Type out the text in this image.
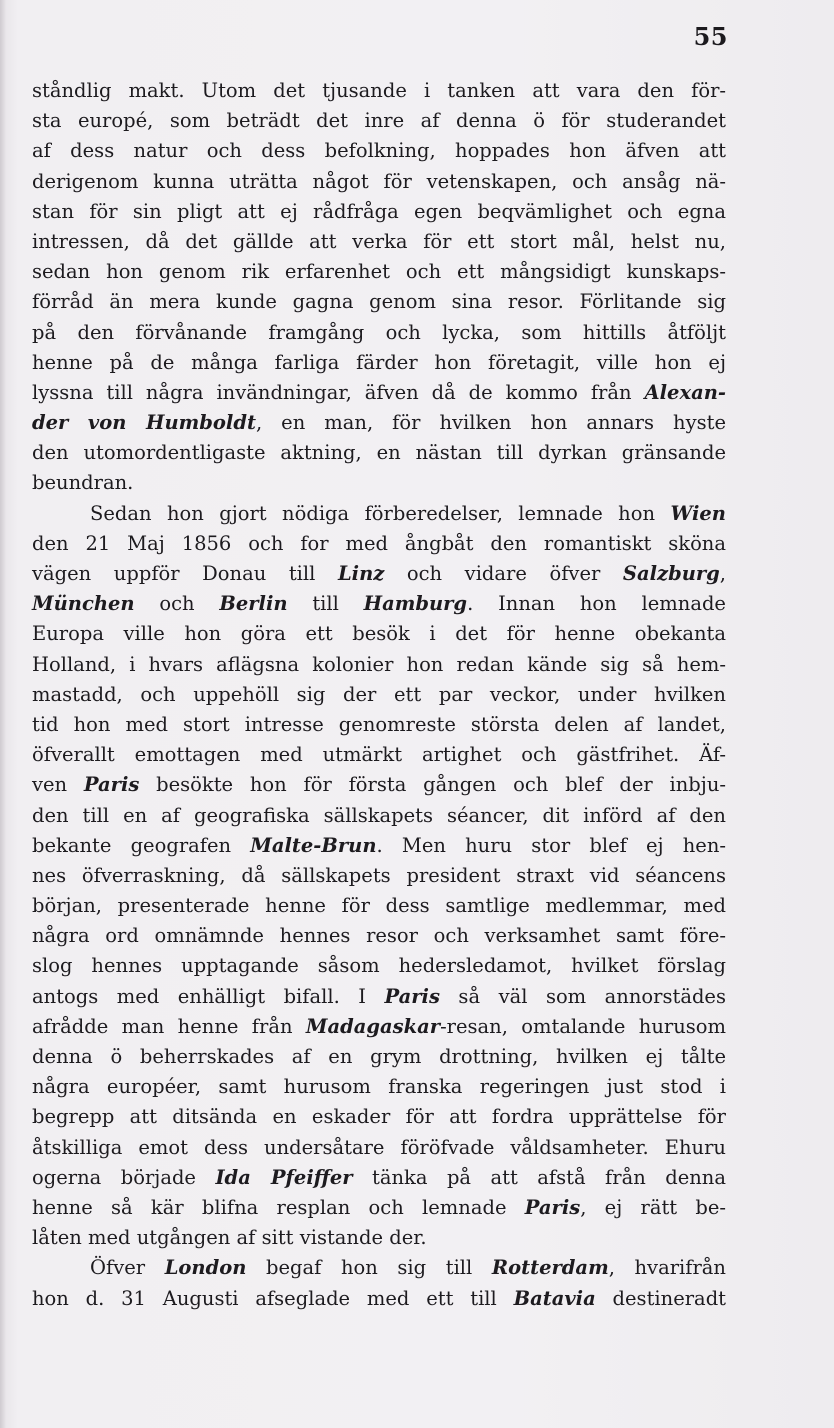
55
ståndlig makt. Utom det tjusande i tanken att vara den för-
sta europé, som beträdt det inre af denna ö för studerandet
af dess natur och dess befolkning, hoppades hon äfven att
derigenom kunna uträtta något för vetenskapen, och ansåg nä-
stan för sin pligt att ej rådfråga egen beqvämlighet och egna
intressen, då det gällde att verka för ett stort mål, helst nu,
sedan hon genom rik erfarenhet och ett mångsidigt kunskaps-
förråd än mera kunde gagna genom sina resor. Förlitande sig
på den förvånande framgång och lycka, som hittills åtföljt
henne på de många farliga färder hon företagit, ville hon ej
lyssna till några invändningar, äfven då de kommo från Alexan-
der von Humboldt, en man, för hvilken hon annars hyste
den utomordentligaste aktning, en nästan till dyrkan gränsande
beundran.
Sedan hon gjort nödiga förberedelser, lemnade hon Wien
den 21 Maj 1856 och for med ångbåt den romantiskt sköna
vägen uppför Donau till Linz och vidare öfver Salzburg,
München och Berlin till Hamburg. Innan hon lemnade
Europa ville hon göra ett besök i det för henne obekanta
Holland, i hvars aflägsna kolonier hon redan kände sig så hem-
mastadd, och uppehöll sig der ett par veckor, under hvilken
tid hon med stort intresse genomreste största delen af landet,
öfverallt emottagen med utmärkt artighet och gästfrihet. Äf-
ven Paris besökte hon för första gången och blef der inbju-
den till en af geografiska sällskapets séancer, dit införd af den
bekante geografen Malte-Brun. Men huru stor blef ej hen-
nes öfverraskning, då sällskapets president straxt vid séancens
början, presenterade henne för dess samtlige medlemmar, med
några ord omnämnde hennes resor och verksamhet samt före-
slog hennes upptagande såsom hedersledamot, hvilket förslag
antogs med enhälligt bifall. I Paris så väl som annorstädes
afrådde man henne från Madagaskar-resan, omtalande hurusom
denna ö beherrskades af en grym drottning, hvilken ej tålte
några européer, samt hurusom franska regeringen just stod i
begrepp att ditsända en eskader för att fordra upprättelse för
åtskilliga emot dess undersåtare föröfvade våldsamheter. Ehuru
ogerna började Ida Pfeiffer tänka på att afstå från denna
henne så kär blifna resplan och lemnade Paris, ej rätt be-
låten med utgången af sitt vistande der.
Öfver London begaf hon sig till Rotterdam, hvarifrån
hon d. 31 Augusti afseglade med ett till Batavia destineradt
